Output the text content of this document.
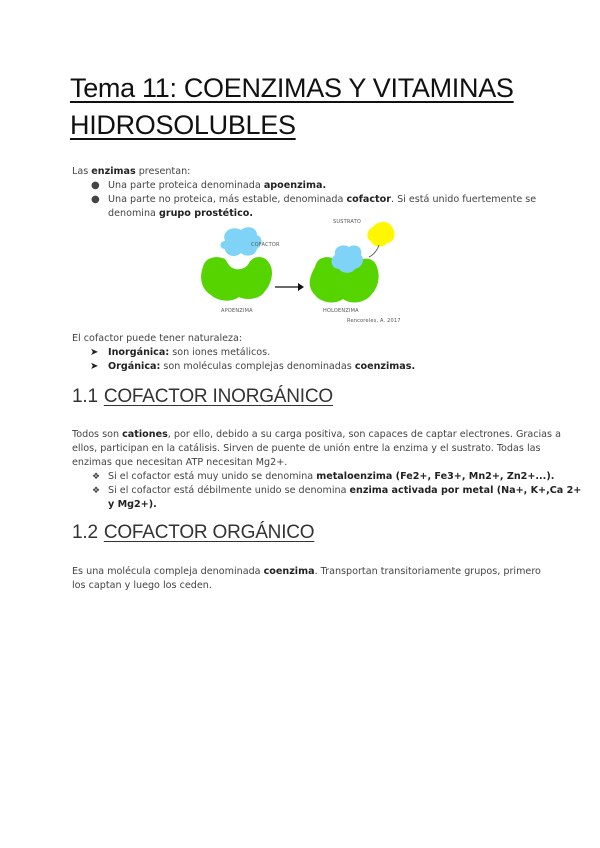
Tema 11: COENZIMAS Y VITAMINAS
HIDROSOLUBLES
Las enzimas presentan:
● Una parte proteica denominada apoenzima.
● Una parte no proteica, más estable, denominada cofactor. Si está unido fuertemente se
denomina grupo prostético.
SUSTRATO
COFACTOR
APOENZIMA	HOLOENZIMA
Rencoreles, A. 2017
El cofactor puede tener naturaleza:
➤ Inorgánica: son iones metálicos.
➤ Orgánica: son moléculas complejas denominadas coenzimas.
1.1 COFACTOR INORGÁNICO
Todos son cationes, por ello, debido a su carga positiva, son capaces de captar electrones. Gracias a
ellos, participan en la catálisis. Sirven de puente de unión entre la enzima y el sustrato. Todas las
enzimas que necesitan ATP necesitan Mg2+.
❖ Si el cofactor está muy unido se denomina metaloenzima (Fe2+, Fe3+, Mn2+, Zn2+...).
❖ Si el cofactor está débilmente unido se denomina enzima activada por metal (Na+, K+,Ca 2+
y Mg2+).
1.2 COFACTOR ORGÁNICO
Es una molécula compleja denominada coenzima. Transportan transitoriamente grupos, primero
los captan y luego los ceden.
